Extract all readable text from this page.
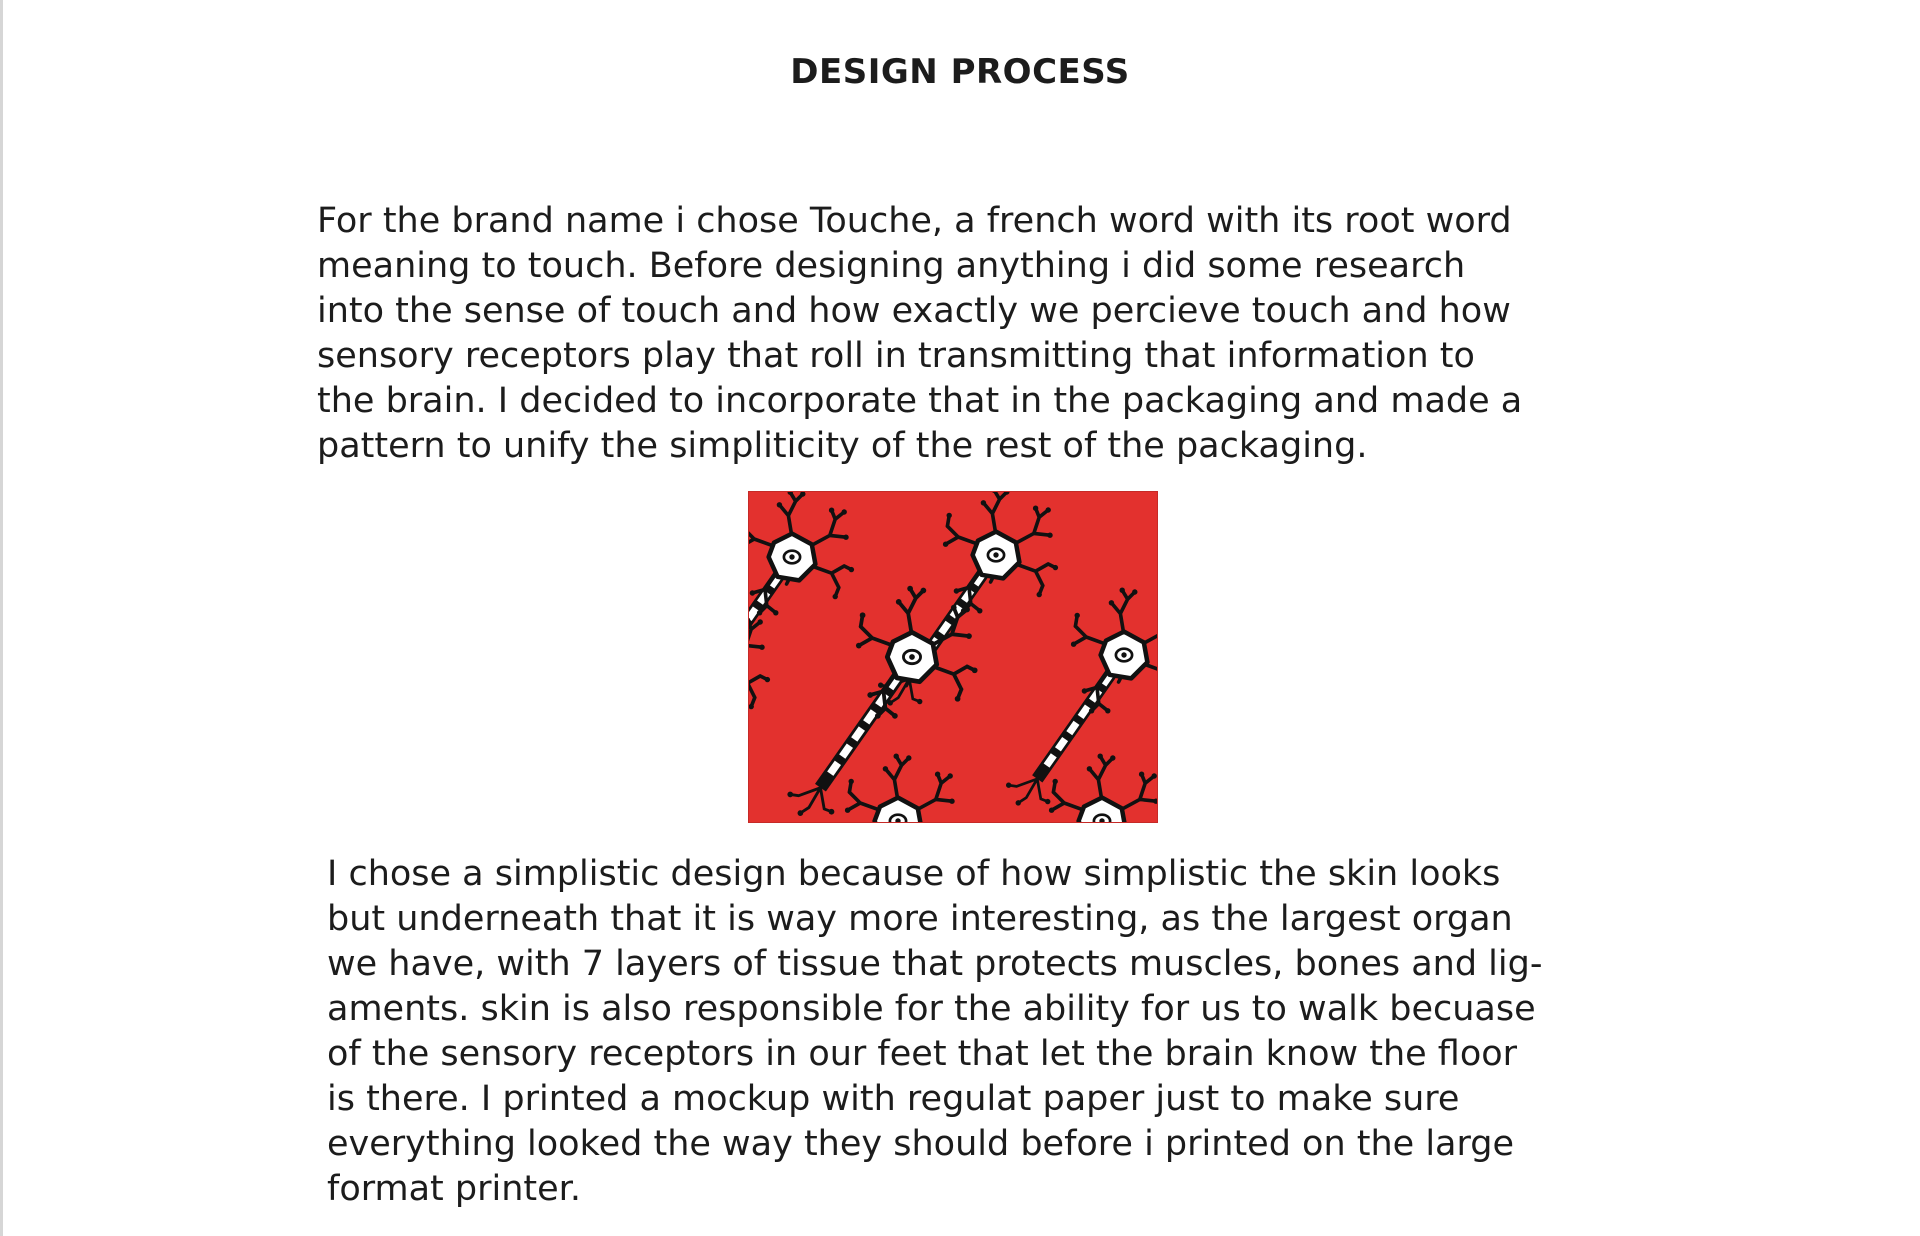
DESIGN PROCESS

For the brand name i chose Touche, a french word with its root word
meaning to touch. Before designing anything i did some research
into the sense of touch and how exactly we percieve touch and how
sensory receptors play that roll in transmitting that information to
the brain. I decided to incorporate that in the packaging and made a
pattern to unify the simpliticity of the rest of the packaging.

I chose a simplistic design because of how simplistic the skin looks
but underneath that it is way more interesting, as the largest organ
we have, with 7 layers of tissue that protects muscles, bones and lig-
aments. skin is also responsible for the ability for us to walk becuase
of the sensory receptors in our feet that let the brain know the floor
is there. I printed a mockup with regulat paper just to make sure
everything looked the way they should before i printed on the large
format printer.
